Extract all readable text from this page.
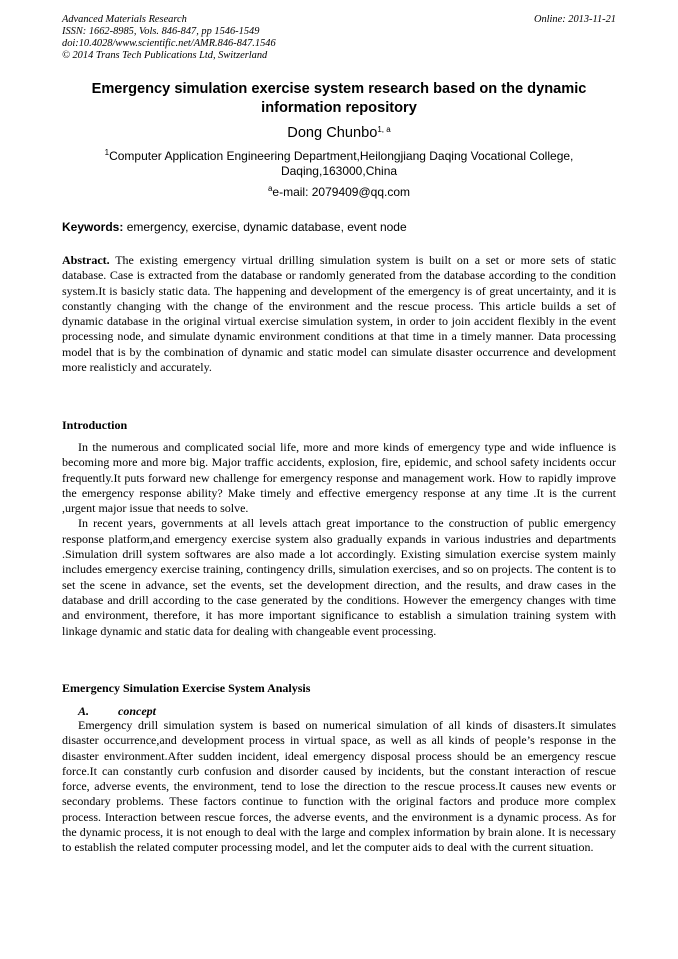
Advanced Materials Research
ISSN: 1662-8985, Vols. 846-847, pp 1546-1549
doi:10.4028/www.scientific.net/AMR.846-847.1546
© 2014 Trans Tech Publications Ltd, Switzerland
Online: 2013-11-21
Emergency simulation exercise system research based on the dynamic information repository
Dong Chunbo$^{1, a}$
$^1$Computer Application Engineering Department,Heilongjiang Daqing Vocational College, Daqing,163000,China
$^a$e-mail: 2079409@qq.com
Keywords: emergency, exercise, dynamic database, event node
Abstract. The existing emergency virtual drilling simulation system is built on a set or more sets of static database. Case is extracted from the database or randomly generated from the database according to the condition system.It is basicly static data. The happening and development of the emergency is of great uncertainty, and it is constantly changing with the change of the environment and the rescue process. This article builds a set of dynamic database in the original virtual exercise simulation system, in order to join accident flexibly in the event processing node, and simulate dynamic environment conditions at that time in a timely manner. Data processing model that is by the combination of dynamic and static model can simulate disaster occurrence and development more realisticly and accurately.
Introduction

In the numerous and complicated social life, more and more kinds of emergency type and wide influence is becoming more and more big. Major traffic accidents, explosion, fire, epidemic, and school safety incidents occur frequently.It puts forward new challenge for emergency response and management work. How to rapidly improve the emergency response ability? Make timely and effective emergency response at any time .It is the current ,urgent major issue that needs to solve.

In recent years, governments at all levels attach great importance to the construction of public emergency response platform,and emergency exercise system also gradually expands in various industries and departments .Simulation drill system softwares are also made a lot accordingly. Existing simulation exercise system mainly includes emergency exercise training, contingency drills, simulation exercises, and so on projects. The content is to set the scene in advance, set the events, set the development direction, and the results, and draw cases in the database and drill according to the case generated by the conditions. However the emergency changes with time and environment, therefore, it has more important significance to establish a simulation training system with linkage dynamic and static data for dealing with changeable event processing.

Emergency Simulation Exercise System Analysis
A. concept

Emergency drill simulation system is based on numerical simulation of all kinds of disasters.It simulates disaster occurrence,and development process in virtual space, as well as all kinds of people’s response in the disaster environment.After sudden incident, ideal emergency disposal process should be an emergency rescue force.It can constantly curb confusion and disorder caused by incidents, but the constant interaction of rescue force, adverse events, the environment, tend to lose the direction to the rescue process.It causes new events or secondary problems. These factors continue to function with the original factors and produce more complex process. Interaction between rescue forces, the adverse events, and the environment is a dynamic process. As for the dynamic process, it is not enough to deal with the large and complex information by brain alone. It is necessary to establish the related computer processing model, and let the computer aids to deal with the current situation.
